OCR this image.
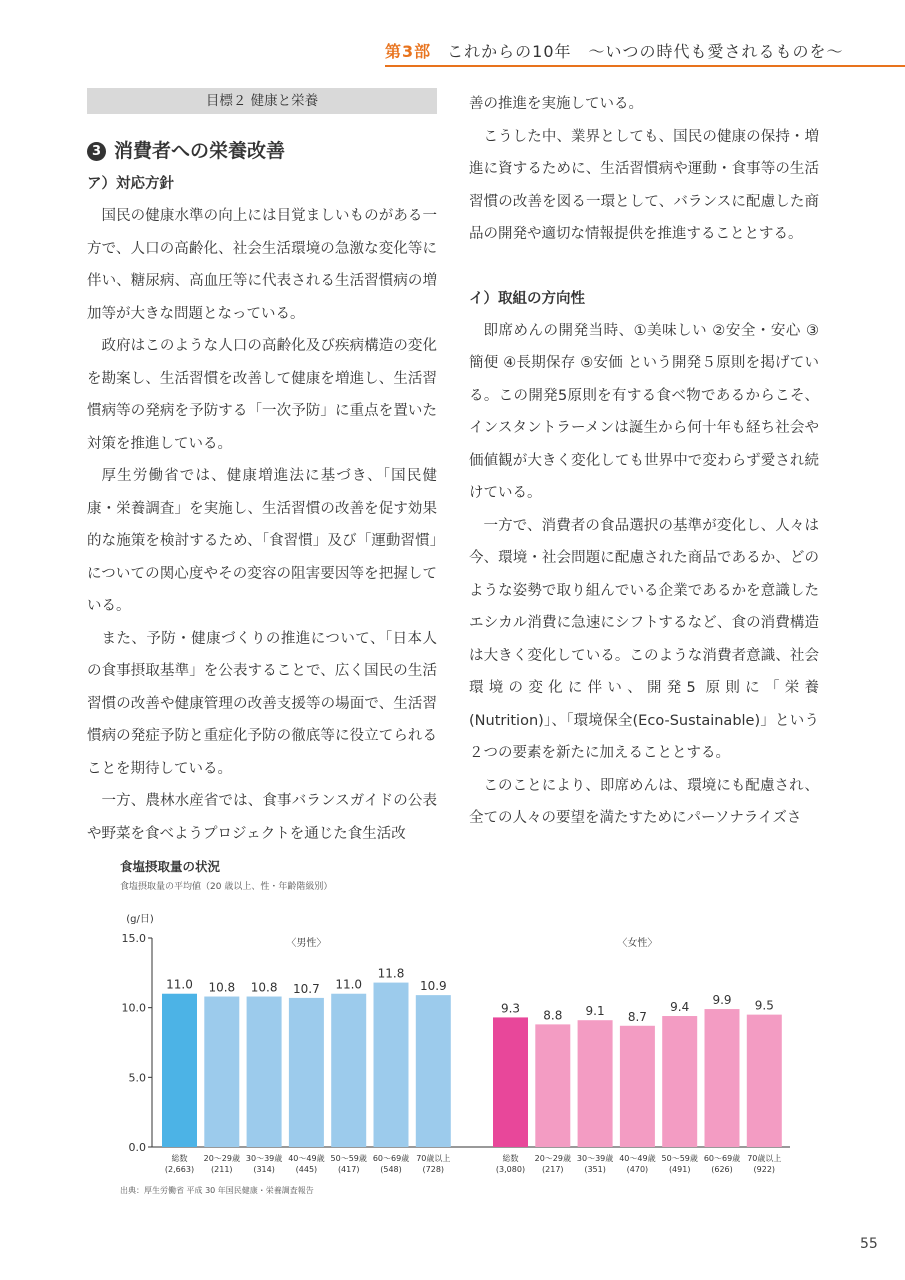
第3部 これからの10年　～いつの時代も愛されるものを～
目標２ 健康と栄養
3 消費者への栄養改善
ア）対応方針

国民の健康水準の向上には目覚ましいものがある一方で、人口の高齢化、社会生活環境の急激な変化等に伴い、糖尿病、高血圧等に代表される生活習慣病の増加等が大きな問題となっている。

政府はこのような人口の高齢化及び疾病構造の変化を勘案し、生活習慣を改善して健康を増進し、生活習慣病等の発病を予防する「一次予防」に重点を置いた対策を推進している。

厚生労働省では、健康増進法に基づき、「国民健康・栄養調査」を実施し、生活習慣の改善を促す効果的な施策を検討するため、「食習慣」及び「運動習慣」についての関心度やその変容の阻害要因等を把握している。

また、予防・健康づくりの推進について、「日本人の食事摂取基準」を公表することで、広く国民の生活習慣の改善や健康管理の改善支援等の場面で、生活習慣病の発症予防と重症化予防の徹底等に役立てられることを期待している。

一方、農林水産省では、食事バランスガイドの公表や野菜を食べようプロジェクトを通じた食生活改

善の推進を実施している。

こうした中、業界としても、国民の健康の保持・増進に資するために、生活習慣病や運動・食事等の生活習慣の改善を図る一環として、バランスに配慮した商品の開発や適切な情報提供を推進することとする。

イ）取組の方向性

即席めんの開発当時、①美味しい ②安全・安心 ③簡便 ④長期保存 ⑤安価 という開発５原則を掲げている。この開発5原則を有する食べ物であるからこそ、インスタントラーメンは誕生から何十年も経ち社会や価値観が大きく変化しても世界中で変わらず愛され続けている。

一方で、消費者の食品選択の基準が変化し、人々は今、環境・社会問題に配慮された商品であるか、どのような姿勢で取り組んでいる企業であるかを意識したエシカル消費に急速にシフトするなど、食の消費構造は大きく変化している。このような消費者意識、社会環境の変化に伴い、開発5 原則に「栄養(Nutrition)」、「環境保全(Eco-Sustainable)」という２つの要素を新たに加えることとする。

このことにより、即席めんは、環境にも配慮され、全ての人々の要望を満たすためにパーソナライズさ

食塩摂取量の状況
食塩摂取量の平均値（20 歳以上、性・年齢階級別）
(g/日)
0.0
5.0
10.0
15.0	〈男性〉
11.0
総数
(2,663)
10.8
20～29歳
(211)
10.8
30～39歳
(314)
10.7
40～49歳
(445)
11.0
50～59歳
(417)
11.8
60～69歳
(548)
10.9
70歳以上
(728)
〈女性〉
9.3
総数
(3,080)
8.8
20～29歳
(217)
9.1
30～39歳
(351)
8.7
40～49歳
(470)
9.4
50～59歳
(491)
9.9
60～69歳
(626)
9.5
70歳以上
(922)
出典：厚生労働省 平成 30 年国民健康・栄養調査報告
55
